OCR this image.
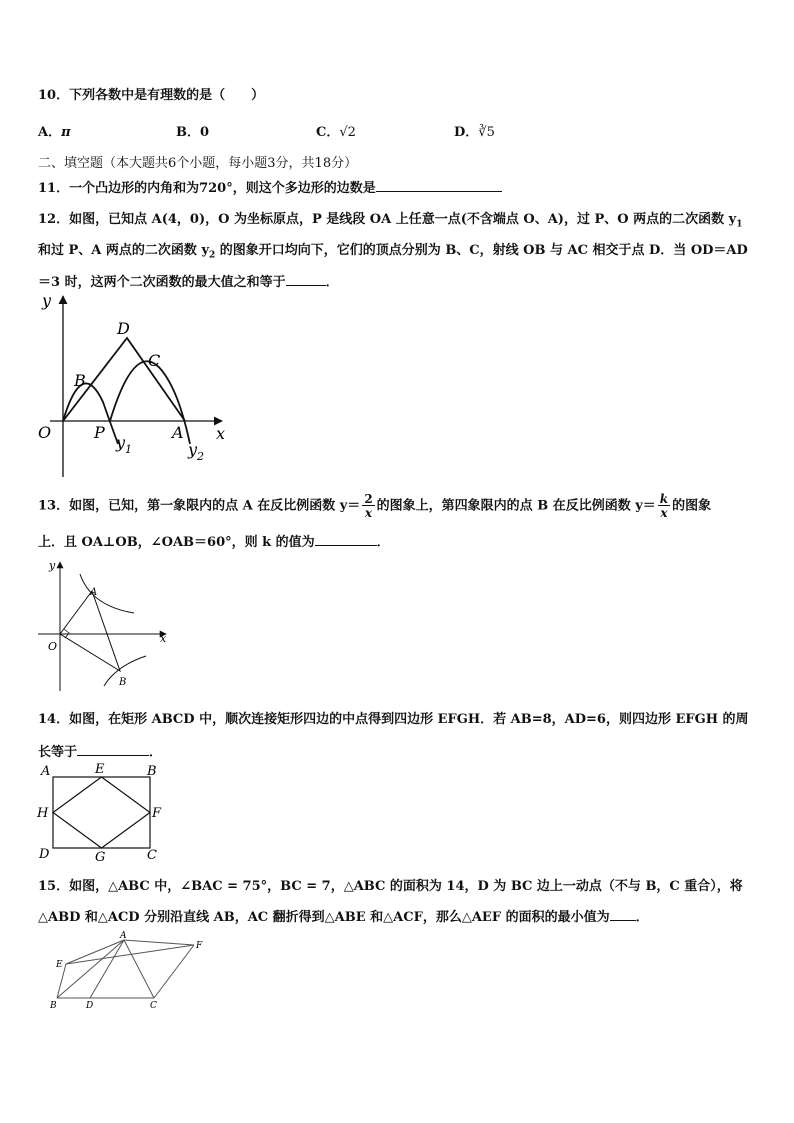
10．下列各数中是有理数的是（　　）
A．π	B．0	C．√2	D．∛5
二、填空题（本大题共6个小题，每小题3分，共18分）
11．一个凸边形的内角和为720°，则这个多边形的边数是
12．如图，已知点 A(4，0)，O 为坐标原点，P 是线段 OA 上任意一点(不含端点 O、A)，过 P、O 两点的二次函数 $y_1$
和过 P、A 两点的二次函数 $y_2$ 的图象开口均向下，它们的顶点分别为 B、C，射线 OB 与 AC 相交于点 D．当 OD＝AD
＝3 时，这两个二次函数的最大值之和等于	．
y
x
O	P	A
B
C
D
$y_1$	$y_2$
13．如图，已知，第一象限内的点 A 在反比例函数 $y= \frac{2}{x}$ 的图象上，第四象限内的点 B 在反比例函数 $y= \frac{k}{x}$ 的图象
上．且 OA⊥OB，∠OAB＝60°，则 k 的值为	．
y
x
O
A
B
14．如图，在矩形 ABCD 中，顺次连接矩形四边的中点得到四边形 EFGH．若 AB=8，AD=6，则四边形 EFGH 的周
长等于	．
A	E	B
H	F
D	G	C
15．如图，△ABC 中，∠BAC = 75°，BC = 7，△ABC 的面积为 14，D 为 BC 边上一动点（不与 B，C 重合），将
△ABD 和△ACD 分别沿直线 AB，AC 翻折得到△ABE 和△ACF，那么△AEF 的面积的最小值为 ．
A
E
F
B	D	C
